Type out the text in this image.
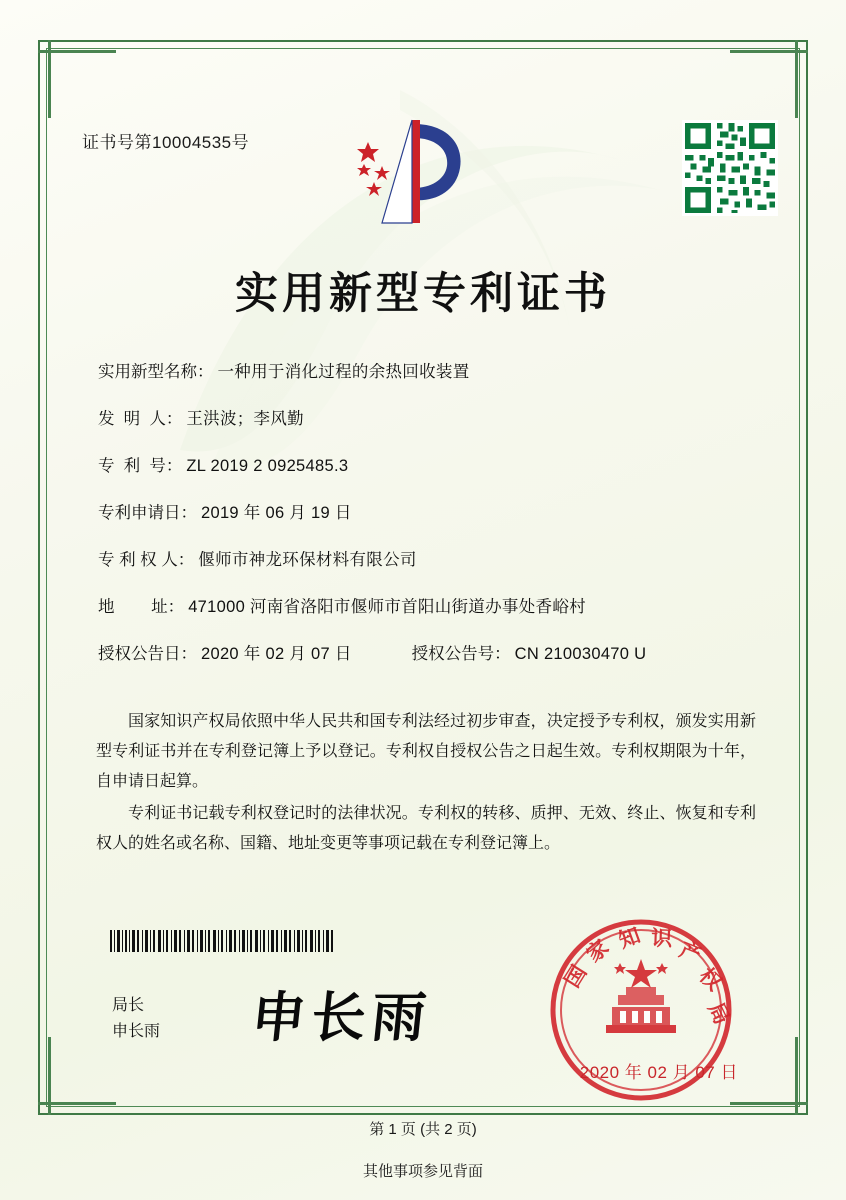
证书号第10004535号
实用新型专利证书
实用新型名称： 一种用于消化过程的余热回收装置
发  明  人： 王洪波；李风勤
专  利  号： ZL 2019 2 0925485.3
专利申请日： 2019 年 06 月 19 日
专 利 权 人： 偃师市神龙环保材料有限公司
地        址： 471000 河南省洛阳市偃师市首阳山街道办事处香峪村
授权公告日： 2020 年 02 月 07 日	授权公告号： CN 210030470 U

国家知识产权局依照中华人民共和国专利法经过初步审查，决定授予专利权，颁发实用新型专利证书并在专利登记簿上予以登记。专利权自授权公告之日起生效。专利权期限为十年，自申请日起算。

专利证书记载专利权登记时的法律状况。专利权的转移、质押、无效、终止、恢复和专利权人的姓名或名称、国籍、地址变更等事项记载在专利登记簿上。

局长
申长雨 申长雨
国
家 知 识 产
权
局
2020 年 02 月 07 日
第 1 页 (共 2 页)
其他事项参见背面
